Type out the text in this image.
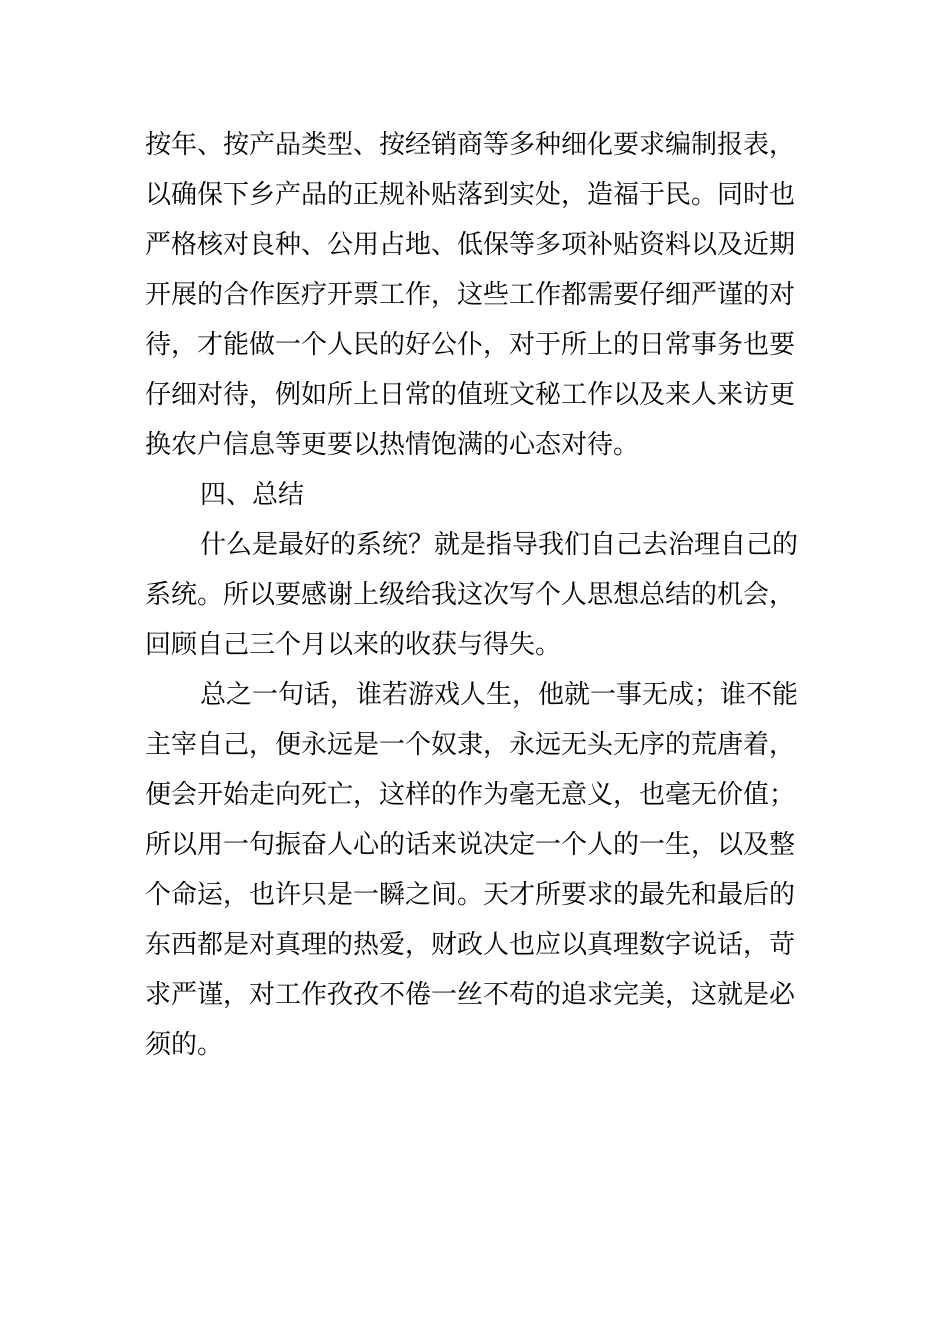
按年、按产品类型、按经销商等多种细化要求编制报表，
以确保下乡产品的正规补贴落到实处，造福于民。同时也
严格核对良种、公用占地、低保等多项补贴资料以及近期
开展的合作医疗开票工作，这些工作都需要仔细严谨的对
待，才能做一个人民的好公仆，对于所上的日常事务也要
仔细对待，例如所上日常的值班文秘工作以及来人来访更
换农户信息等更要以热情饱满的心态对待。
四、总结
什么是最好的系统？就是指导我们自己去治理自己的
系统。所以要感谢上级给我这次写个人思想总结的机会，
回顾自己三个月以来的收获与得失。
总之一句话，谁若游戏人生，他就一事无成；谁不能
主宰自己，便永远是一个奴隶，永远无头无序的荒唐着，
便会开始走向死亡，这样的作为毫无意义，也毫无价值；
所以用一句振奋人心的话来说决定一个人的一生，以及整
个命运，也许只是一瞬之间。天才所要求的最先和最后的
东西都是对真理的热爱，财政人也应以真理数字说话，苛
求严谨，对工作孜孜不倦一丝不苟的追求完美，这就是必
须的。
